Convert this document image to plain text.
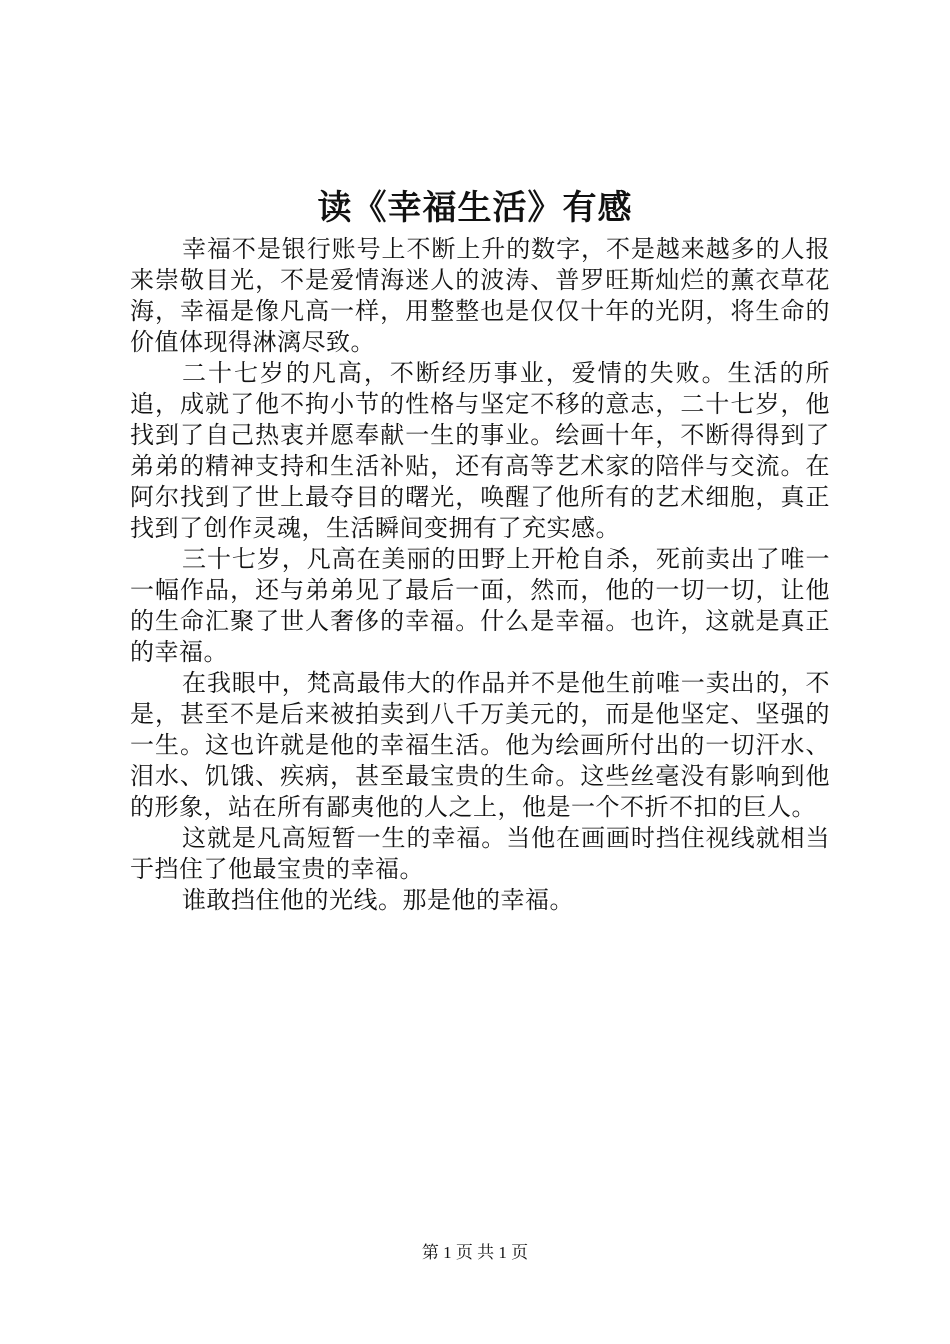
读《幸福生活》有感

幸福不是银行账号上不断上升的数字，不是越来越多的人报来崇敬目光，不是爱情海迷人的波涛、普罗旺斯灿烂的薰衣草花海，幸福是像凡高一样，用整整也是仅仅十年的光阴，将生命的价值体现得淋漓尽致。

二十七岁的凡高，不断经历事业，爱情的失败。生活的所追，成就了他不拘小节的性格与坚定不移的意志，二十七岁，他找到了自己热衷并愿奉献一生的事业。绘画十年，不断得得到了弟弟的精神支持和生活补贴，还有高等艺术家的陪伴与交流。在阿尔找到了世上最夺目的曙光，唤醒了他所有的艺术细胞，真正找到了创作灵魂，生活瞬间变拥有了充实感。

三十七岁，凡高在美丽的田野上开枪自杀，死前卖出了唯一一幅作品，还与弟弟见了最后一面，然而，他的一切一切，让他的生命汇聚了世人奢侈的幸福。什么是幸福。也许，这就是真正的幸福。

在我眼中，梵高最伟大的作品并不是他生前唯一卖出的，不是，甚至不是后来被拍卖到八千万美元的，而是他坚定、坚强的一生。这也许就是他的幸福生活。他为绘画所付出的一切汗水、泪水、饥饿、疾病，甚至最宝贵的生命。这些丝毫没有影响到他的形象，站在所有鄙夷他的人之上，他是一个不折不扣的巨人。

这就是凡高短暂一生的幸福。当他在画画时挡住视线就相当于挡住了他最宝贵的幸福。

谁敢挡住他的光线。那是他的幸福。

第 1 页 共 1 页
